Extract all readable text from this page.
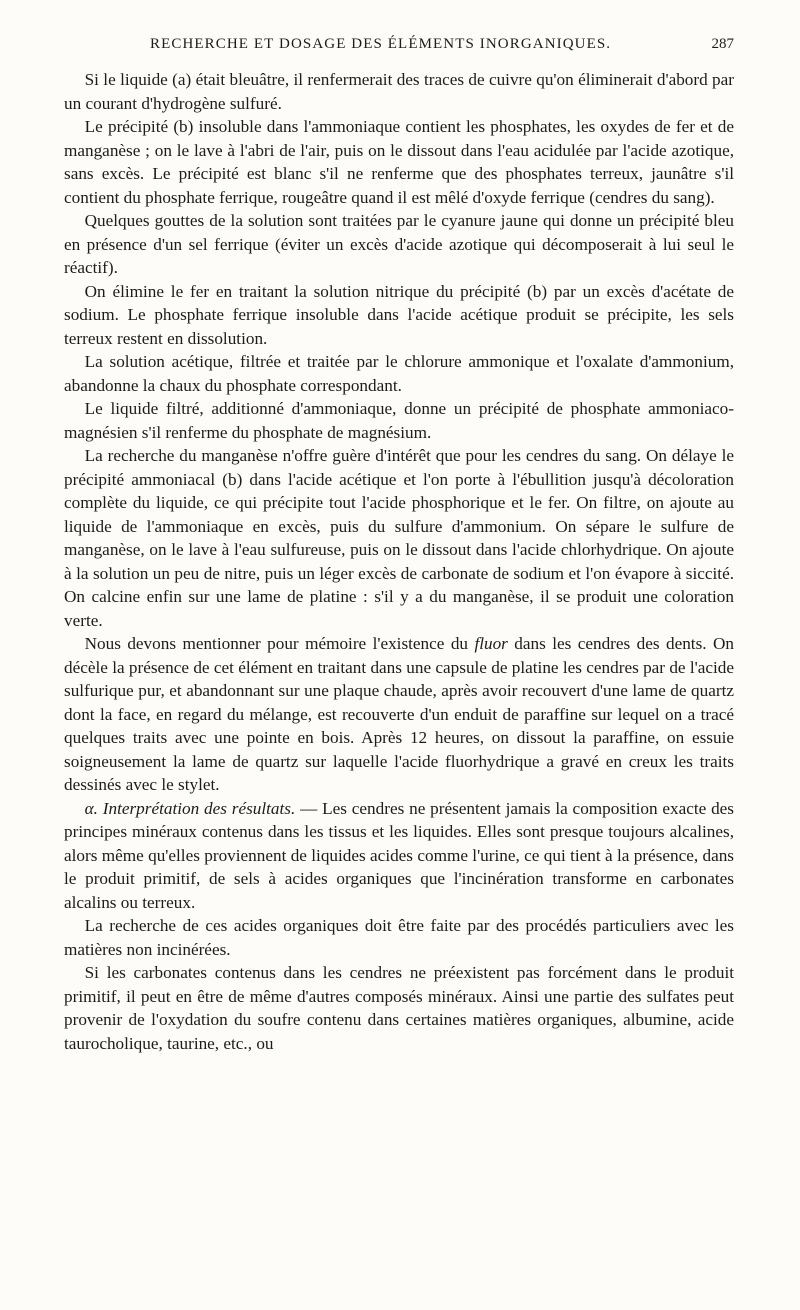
RECHERCHE ET DOSAGE DES ÉLÉMENTS INORGANIQUES.	287

Si le liquide (a) était bleuâtre, il renfermerait des traces de cuivre qu'on éliminerait d'abord par un courant d'hydrogène sulfuré.

Le précipité (b) insoluble dans l'ammoniaque contient les phosphates, les oxydes de fer et de manganèse ; on le lave à l'abri de l'air, puis on le dissout dans l'eau acidulée par l'acide azotique, sans excès. Le précipité est blanc s'il ne renferme que des phosphates terreux, jaunâtre s'il contient du phosphate ferrique, rougeâtre quand il est mêlé d'oxyde ferrique (cendres du sang).

Quelques gouttes de la solution sont traitées par le cyanure jaune qui donne un précipité bleu en présence d'un sel ferrique (éviter un excès d'acide azotique qui décomposerait à lui seul le réactif).

On élimine le fer en traitant la solution nitrique du précipité (b) par un excès d'acétate de sodium. Le phosphate ferrique insoluble dans l'acide acétique produit se précipite, les sels terreux restent en dissolution.

La solution acétique, filtrée et traitée par le chlorure ammonique et l'oxalate d'ammonium, abandonne la chaux du phosphate correspondant.

Le liquide filtré, additionné d'ammoniaque, donne un précipité de phosphate ammoniaco-magnésien s'il renferme du phosphate de magnésium.

La recherche du manganèse n'offre guère d'intérêt que pour les cendres du sang. On délaye le précipité ammoniacal (b) dans l'acide acétique et l'on porte à l'ébullition jusqu'à décoloration complète du liquide, ce qui précipite tout l'acide phosphorique et le fer. On filtre, on ajoute au liquide de l'ammoniaque en excès, puis du sulfure d'ammonium. On sépare le sulfure de manganèse, on le lave à l'eau sulfureuse, puis on le dissout dans l'acide chlorhydrique. On ajoute à la solution un peu de nitre, puis un léger excès de carbonate de sodium et l'on évapore à siccité. On calcine enfin sur une lame de platine : s'il y a du manganèse, il se produit une coloration verte.

Nous devons mentionner pour mémoire l'existence du fluor dans les cendres des dents. On décèle la présence de cet élément en traitant dans une capsule de platine les cendres par de l'acide sulfurique pur, et abandonnant sur une plaque chaude, après avoir recouvert d'une lame de quartz dont la face, en regard du mélange, est recouverte d'un enduit de paraffine sur lequel on a tracé quelques traits avec une pointe en bois. Après 12 heures, on dissout la paraffine, on essuie soigneusement la lame de quartz sur laquelle l'acide fluorhydrique a gravé en creux les traits dessinés avec le stylet.

α. Interprétation des résultats. — Les cendres ne présentent jamais la composition exacte des principes minéraux contenus dans les tissus et les liquides. Elles sont presque toujours alcalines, alors même qu'elles proviennent de liquides acides comme l'urine, ce qui tient à la présence, dans le produit primitif, de sels à acides organiques que l'incinération transforme en carbonates alcalins ou terreux.

La recherche de ces acides organiques doit être faite par des procédés particuliers avec les matières non incinérées.

Si les carbonates contenus dans les cendres ne préexistent pas forcément dans le produit primitif, il peut en être de même d'autres composés minéraux. Ainsi une partie des sulfates peut provenir de l'oxydation du soufre contenu dans certaines matières organiques, albumine, acide taurocholique, taurine, etc., ou
